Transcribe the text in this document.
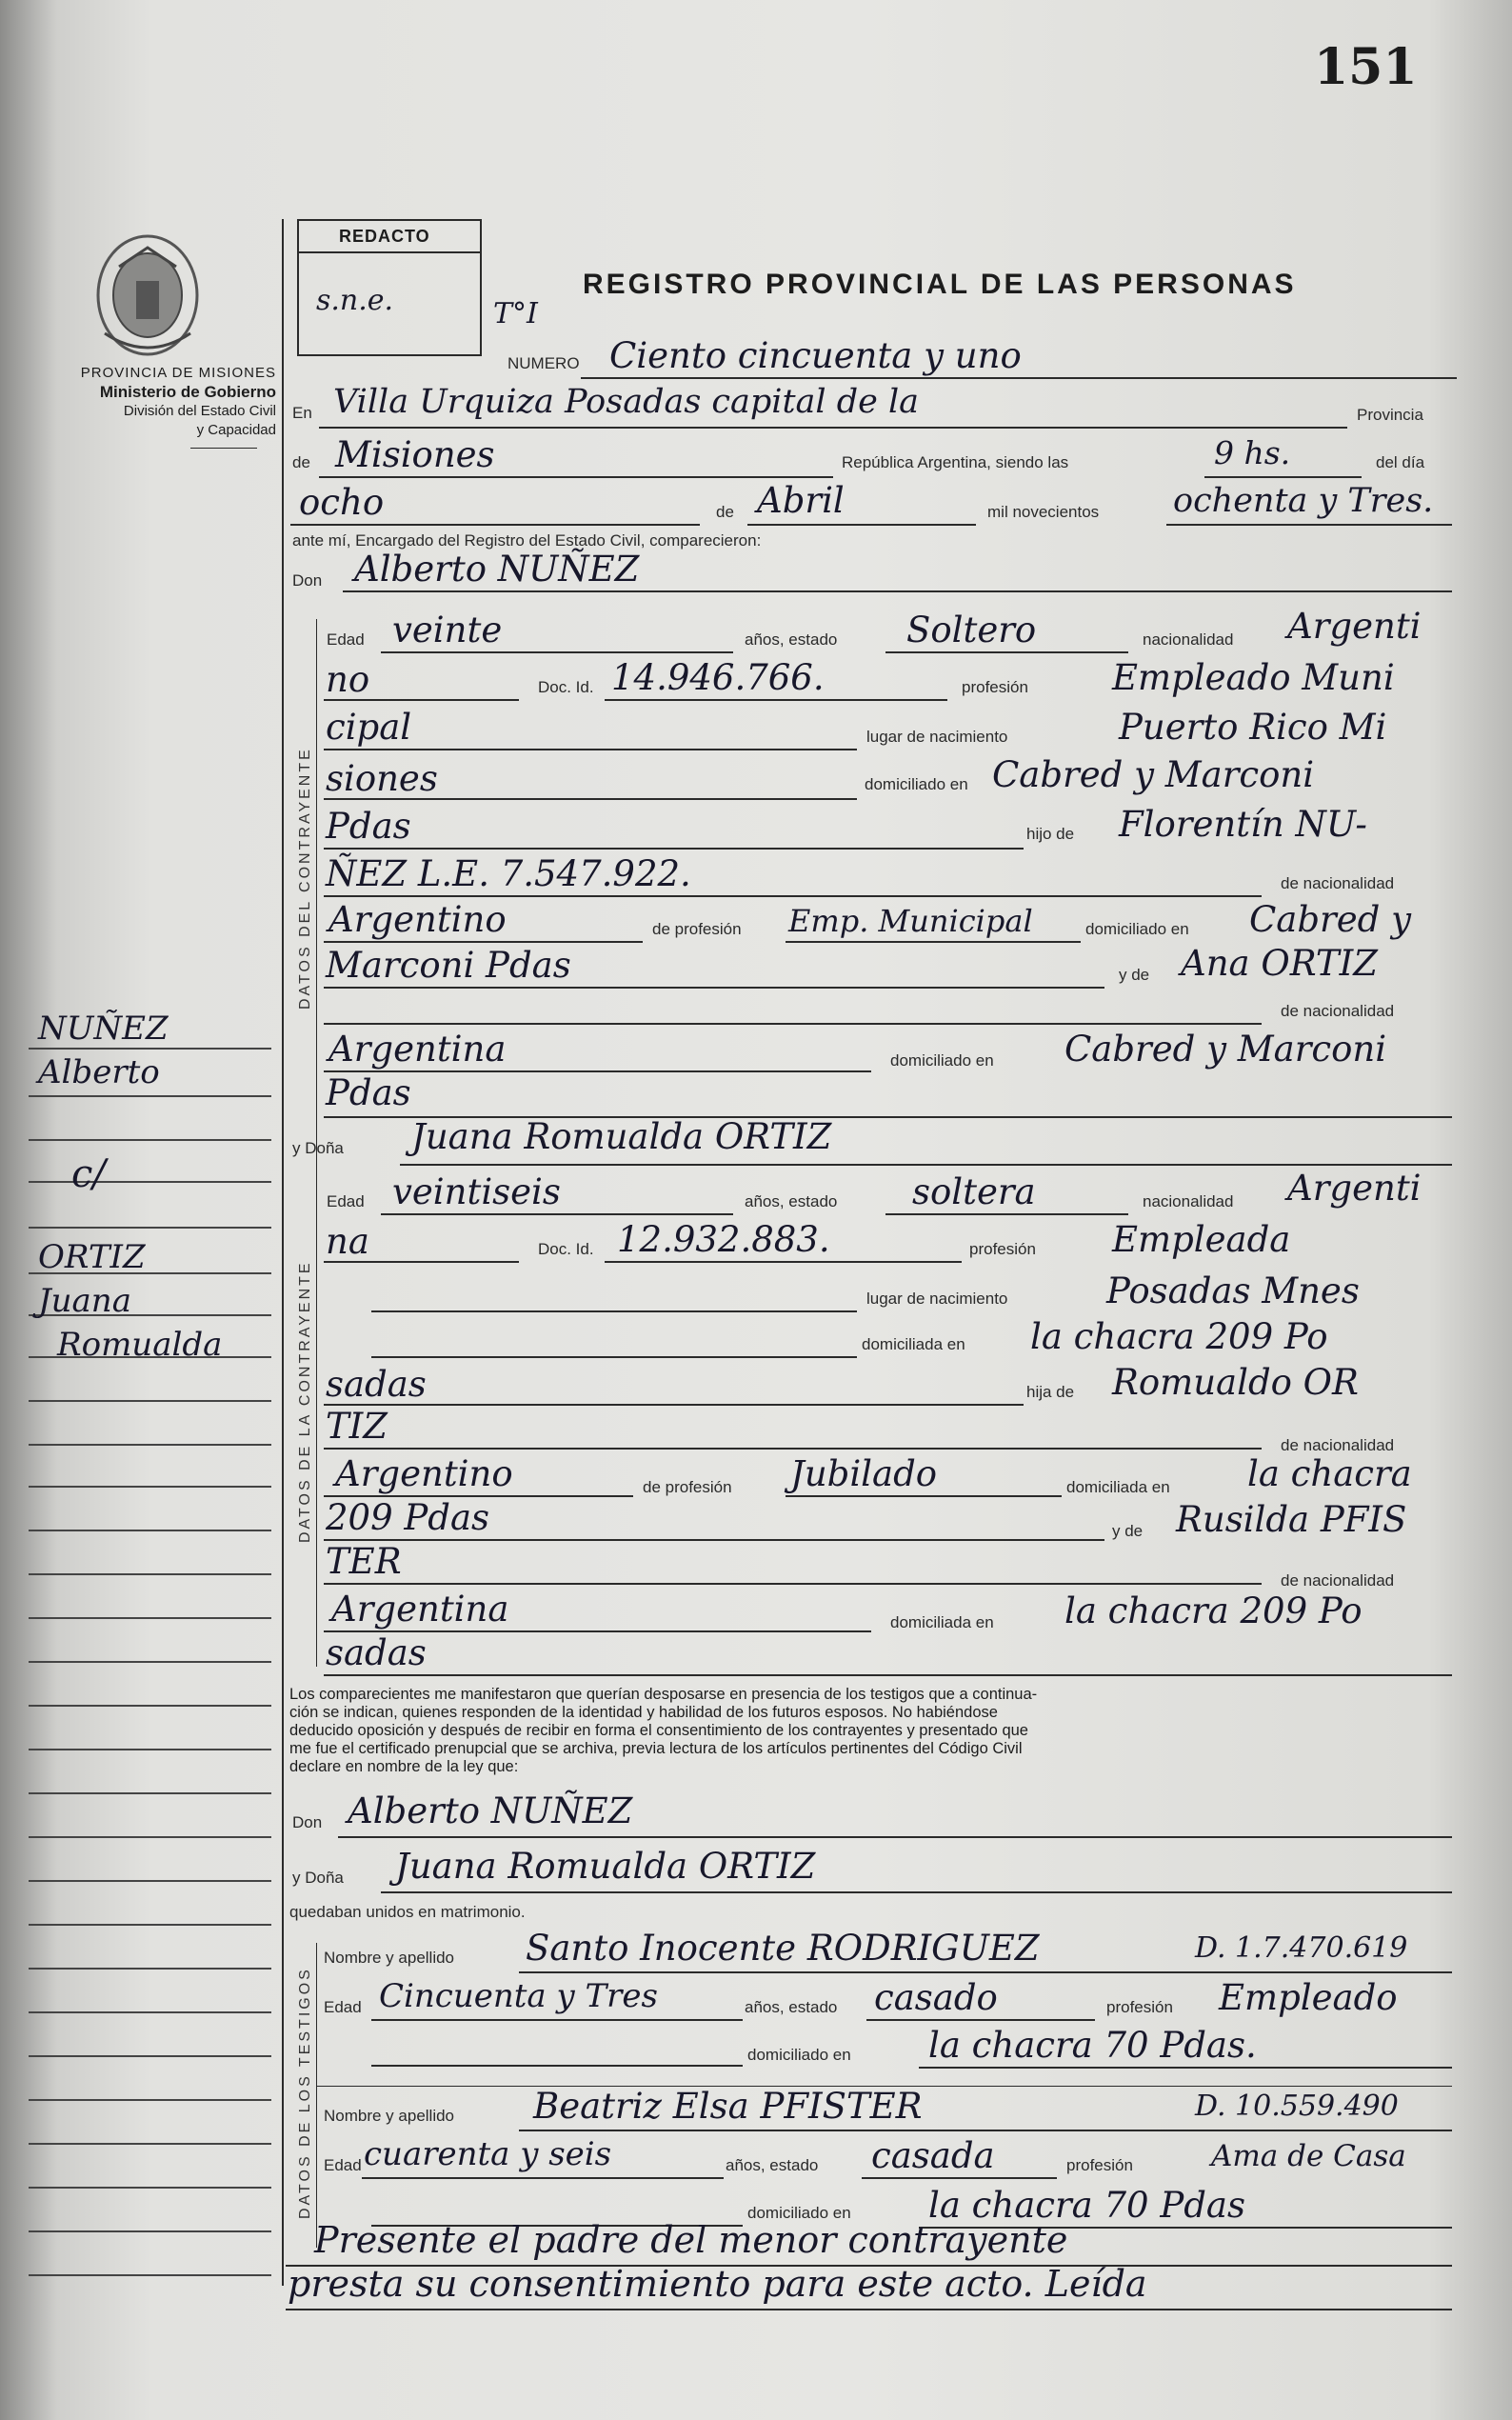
151
PROVINCIA DE MISIONES
Ministerio de Gobierno
División del Estado Civil
y Capacidad
REDACTO
s.n.e.	REGISTRO PROVINCIAL DE LAS PERSONAS
T°I
NUMERO Ciento cincuenta y uno
En Villa Urquiza Posadas capital de la	Provincia
de Misiones	República Argentina, siendo las	9 hs.	del día
ocho	de Abril	mil novecientos ochenta y Tres.
ante mí, Encargado del Registro del Estado Civil, comparecieron:
Don Alberto NUÑEZ
DATOS DEL CONTRAYENTE
Edad veinte	años, estado Soltero	nacionalidad Argenti
no	Doc. Id. 14.946.766.	profesión Empleado Muni
cipal	lugar de nacimiento	Puerto Rico Mi
siones	domiciliado en Cabred y Marconi
Pdas	hijo de Florentín NU-
ÑEZ L.E. 7.547.922.	de nacionalidad
Argentino	de profesión Emp. Municipal	domiciliado en Cabred y
Marconi Pdas	y de Ana ORTIZ
de nacionalidad
Argentina	domiciliado en Cabred y Marconi
Pdas
y Doña Juana Romualda ORTIZ
DATOS DE LA CONTRAYENTE
Edad veintiseis	años, estado soltera	nacionalidad Argenti
na	Doc. Id. 12.932.883.	profesión Empleada
lugar de nacimiento	Posadas Mnes
domiciliada en la chacra 209 Po
sadas	hija de Romualdo OR
TIZ	de nacionalidad
Argentino	de profesión Jubilado	domiciliada en la chacra
209 Pdas	y de Rusilda PFIS
TER	de nacionalidad
Argentina	domiciliada en la chacra 209 Po
sadas
Los comparecientes me manifestaron que querían desposarse en presencia de los testigos que a continua-
ción se indican, quienes responden de la identidad y habilidad de los futuros esposos. No habiéndose
deducido oposición y después de recibir en forma el consentimiento de los contrayentes y presentado que
me fue el certificado prenupcial que se archiva, previa lectura de los artículos pertinentes del Código Civil
declare en nombre de la ley que:
Don Alberto NUÑEZ
y Doña Juana Romualda ORTIZ
quedaban unidos en matrimonio.
DATOS DE LOS TESTIGOS
Nombre y apellido Santo Inocente RODRIGUEZ	D. 1.7.470.619
Edad Cincuenta y Tres	años, estado casado	profesión Empleado
domiciliado en la chacra 70 Pdas.
Nombre y apellido Beatriz Elsa PFISTER	D. 10.559.490
Edad cuarenta y seis	años, estado casada	profesión	Ama de Casa
domiciliado en la chacra 70 Pdas
Presente el padre del menor contrayente
presta su consentimiento para este acto. Leída
NUÑEZ
Alberto
c/
ORTIZ
Juana
Romualda
